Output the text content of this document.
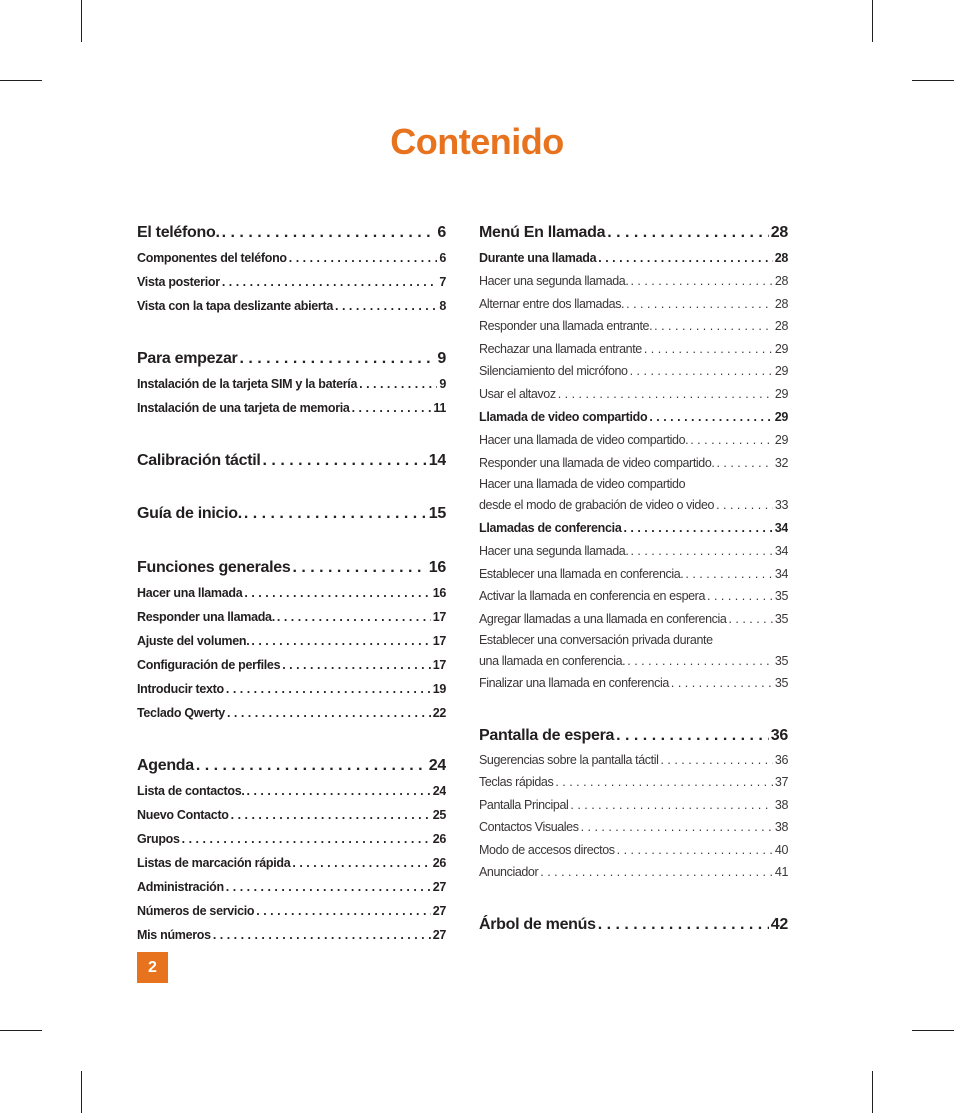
Contenido
El teléfono. . . .	6
Componentes del teléfono . . .	6
Vista posterior . . .	7
Vista con la tapa deslizante abierta . . .	8
Para empezar . . .	9
Instalación de la tarjeta SIM y la batería . . .	9
Instalación de una tarjeta de memoria . . .	11
Calibración táctil . . .	14
Guía de inicio. . . .	15
Funciones generales . . .	16
Hacer una llamada . . .	16
Responder una llamada. . . .	17
Ajuste del volumen. . . .	17
Configuración de perfiles . . .	17
Introducir texto . . .	19
Teclado Qwerty . . .	22
Agenda . . .	24
Lista de contactos. . . .	24
Nuevo Contacto . . .	25
Grupos . . .	26
Listas de marcación rápida . . .	26
Administración . . .	27
Números de servicio . . .	27
Mis números . . .	27
Menú En llamada . . .	28
Durante una llamada . . .	28
Hacer una segunda llamada. . . .	28
Alternar entre dos llamadas. . . .	28
Responder una llamada entrante. . . .	28
Rechazar una llamada entrante . . .	29
Silenciamiento del micrófono . . .	29
Usar el altavoz . . .	29
Llamada de video compartido . . .	29
Hacer una llamada de video compartido. . . .	29
Responder una llamada de video compartido. . . .	32
Hacer una llamada de video compartido
desde el modo de grabación de video o video . . .	33
Llamadas de conferencia . . .	34
Hacer una segunda llamada. . . .	34
Establecer una llamada en conferencia. . . .	34
Activar la llamada en conferencia en espera . . .	35
Agregar llamadas a una llamada en conferencia . . .	35
Establecer una conversación privada durante
una llamada en conferencia. . . .	35
Finalizar una llamada en conferencia . . .	35
Pantalla de espera . . .	36
Sugerencias sobre la pantalla táctil . . .	36
Teclas rápidas . . .	37
Pantalla Principal . . .	38
Contactos Visuales . . .	38
Modo de accesos directos . . .	40
Anunciador . . .	41
Árbol de menús . . .	42
2
